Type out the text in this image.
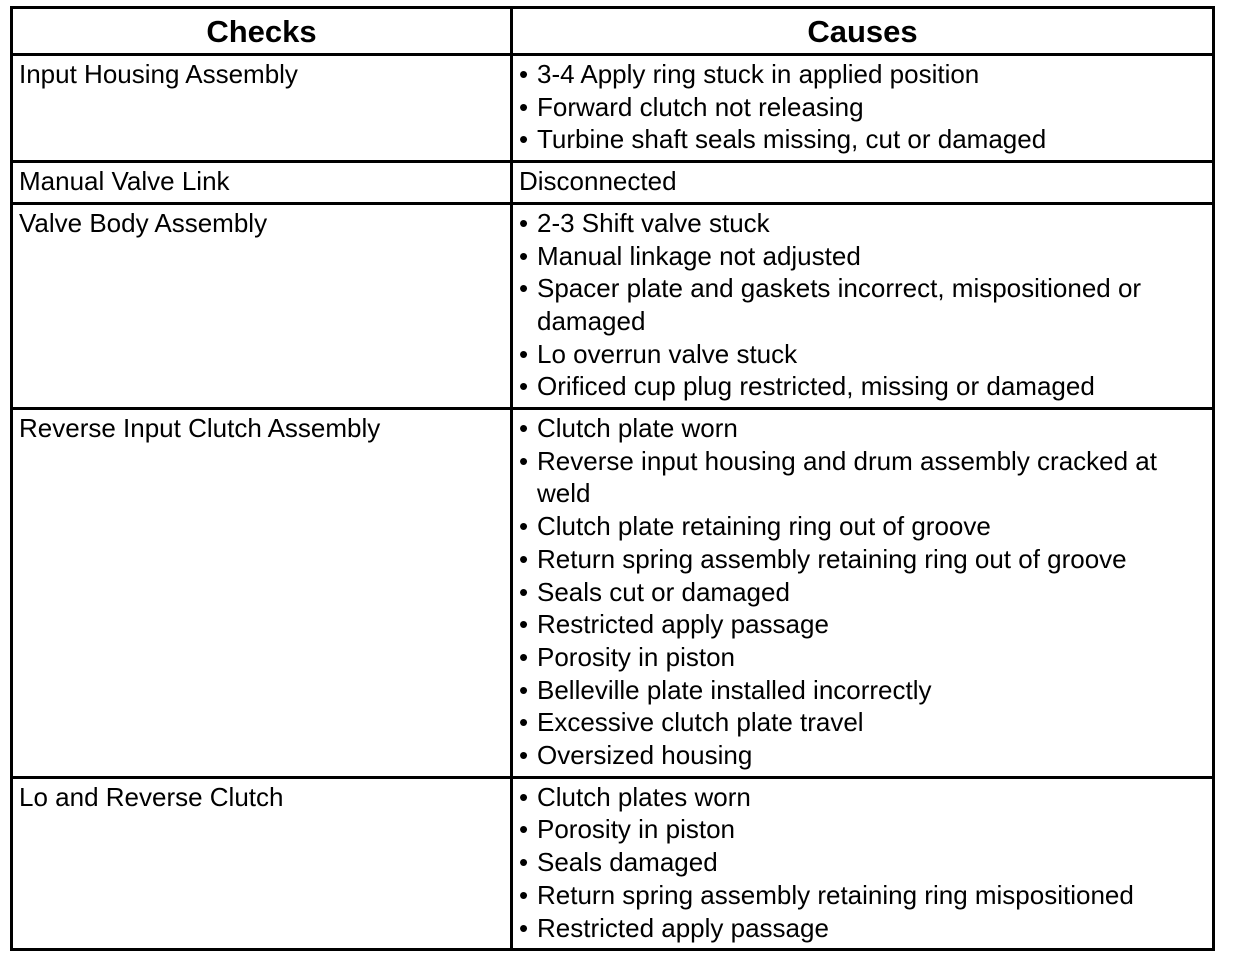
Checks	Causes
Input Housing Assembly	• 3-4 Apply ring stuck in applied position
• Forward clutch not releasing
• Turbine shaft seals missing, cut or damaged
Manual Valve Link	Disconnected
Valve Body Assembly	• 2-3 Shift valve stuck
• Manual linkage not adjusted
• Spacer plate and gaskets incorrect, mispositioned or damaged
• Lo overrun valve stuck
• Orificed cup plug restricted, missing or damaged
Reverse Input Clutch Assembly	• Clutch plate worn
• Reverse input housing and drum assembly cracked at weld
• Clutch plate retaining ring out of groove
• Return spring assembly retaining ring out of groove
• Seals cut or damaged
• Restricted apply passage
• Porosity in piston
• Belleville plate installed incorrectly
• Excessive clutch plate travel
• Oversized housing
Lo and Reverse Clutch	• Clutch plates worn
• Porosity in piston
• Seals damaged
• Return spring assembly retaining ring mispositioned
• Restricted apply passage
